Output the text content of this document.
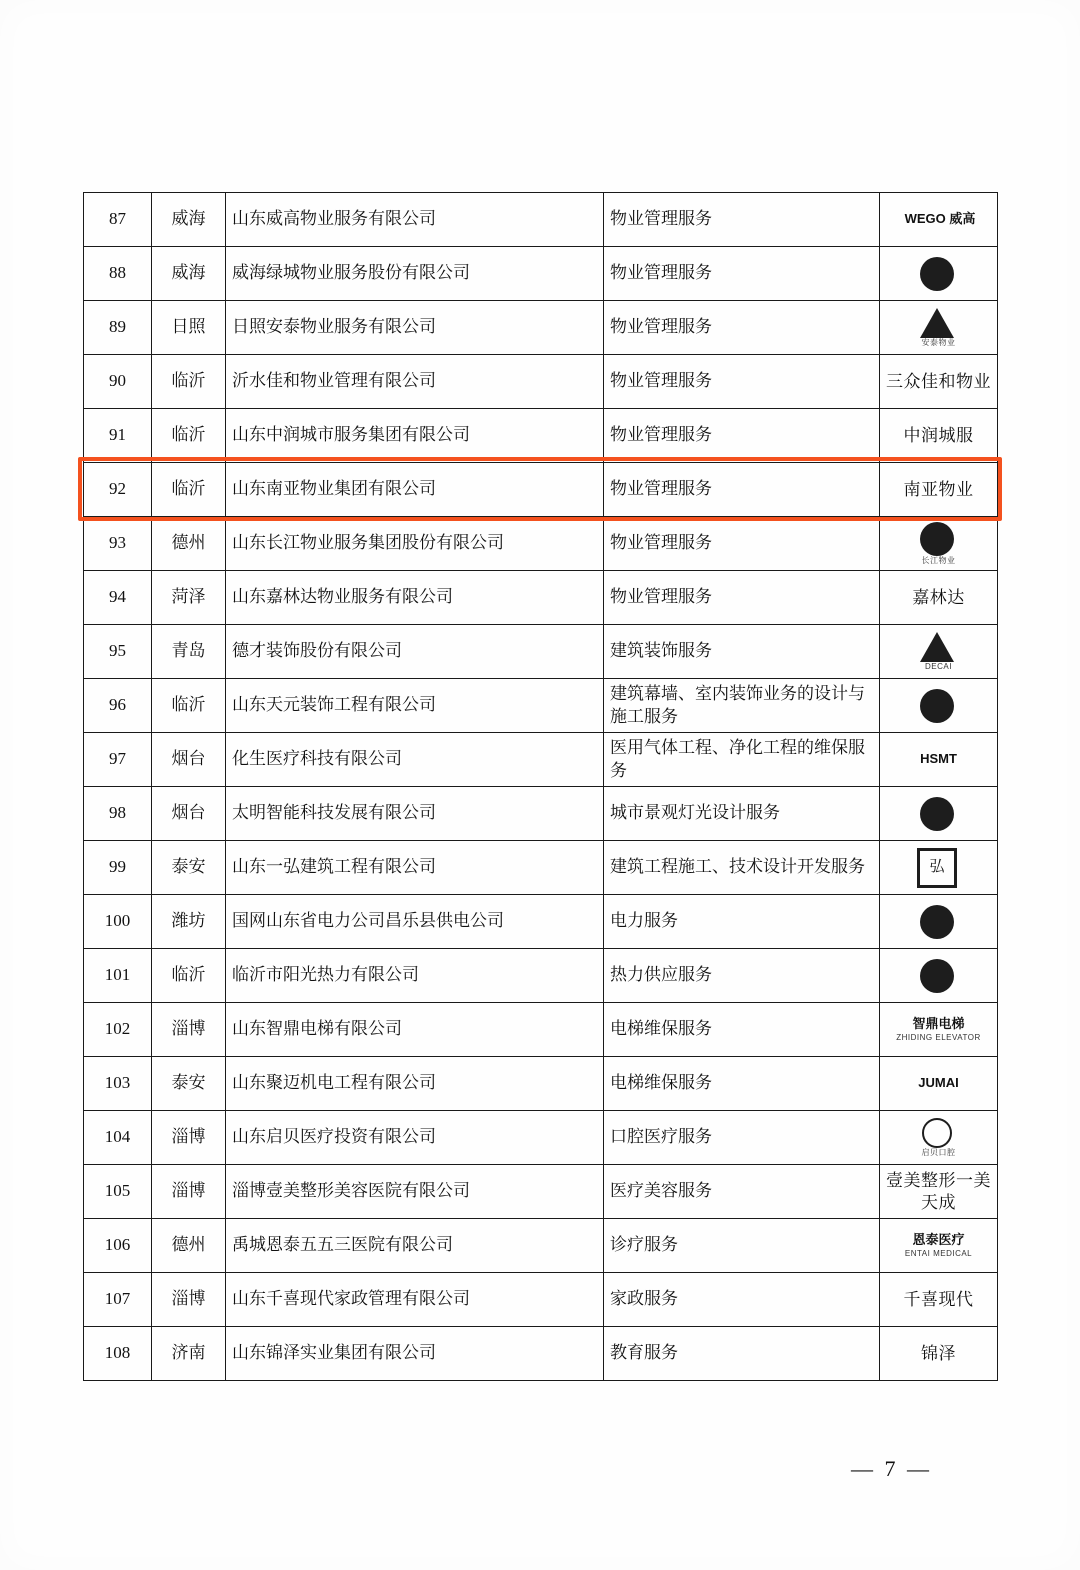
87	威海	山东威高物业服务有限公司	物业管理服务	WEGO 威高

88	威海	威海绿城物业服务股份有限公司	物业管理服务	

89	日照	日照安泰物业服务有限公司	物业管理服务	安泰物业

90	临沂	沂水佳和物业管理有限公司	物业管理服务	三众佳和物业

91	临沂	山东中润城市服务集团有限公司	物业管理服务	中润城服

92	临沂	山东南亚物业集团有限公司	物业管理服务	南亚物业

93	德州	山东长江物业服务集团股份有限公司	物业管理服务	长江物业

94	菏泽	山东嘉林达物业服务有限公司	物业管理服务	嘉林达

95	青岛	德才装饰股份有限公司	建筑装饰服务	DECAI

96	临沂	山东天元装饰工程有限公司	建筑幕墙、室内装饰业务的设计与施工服务	

97	烟台	化生医疗科技有限公司	医用气体工程、净化工程的维保服务	HSMT

98	烟台	太明智能科技发展有限公司	城市景观灯光设计服务	

99	泰安	山东一弘建筑工程有限公司	建筑工程施工、技术设计开发服务	弘

100	潍坊	国网山东省电力公司昌乐县供电公司	电力服务	

101	临沂	临沂市阳光热力有限公司	热力供应服务	

102	淄博	山东智鼎电梯有限公司	电梯维保服务	智鼎电梯
ZHIDING ELEVATOR

103	泰安	山东聚迈机电工程有限公司	电梯维保服务	JUMAI

104	淄博	山东启贝医疗投资有限公司	口腔医疗服务	启贝口腔

105	淄博	淄博壹美整形美容医院有限公司	医疗美容服务	壹美整形一美天成

106	德州	禹城恩泰五五三医院有限公司	诊疗服务	恩泰医疗
ENTAI MEDICAL

107	淄博	山东千喜现代家政管理有限公司	家政服务	千喜现代

108	济南	山东锦泽实业集团有限公司	教育服务	锦泽
— 7 —
